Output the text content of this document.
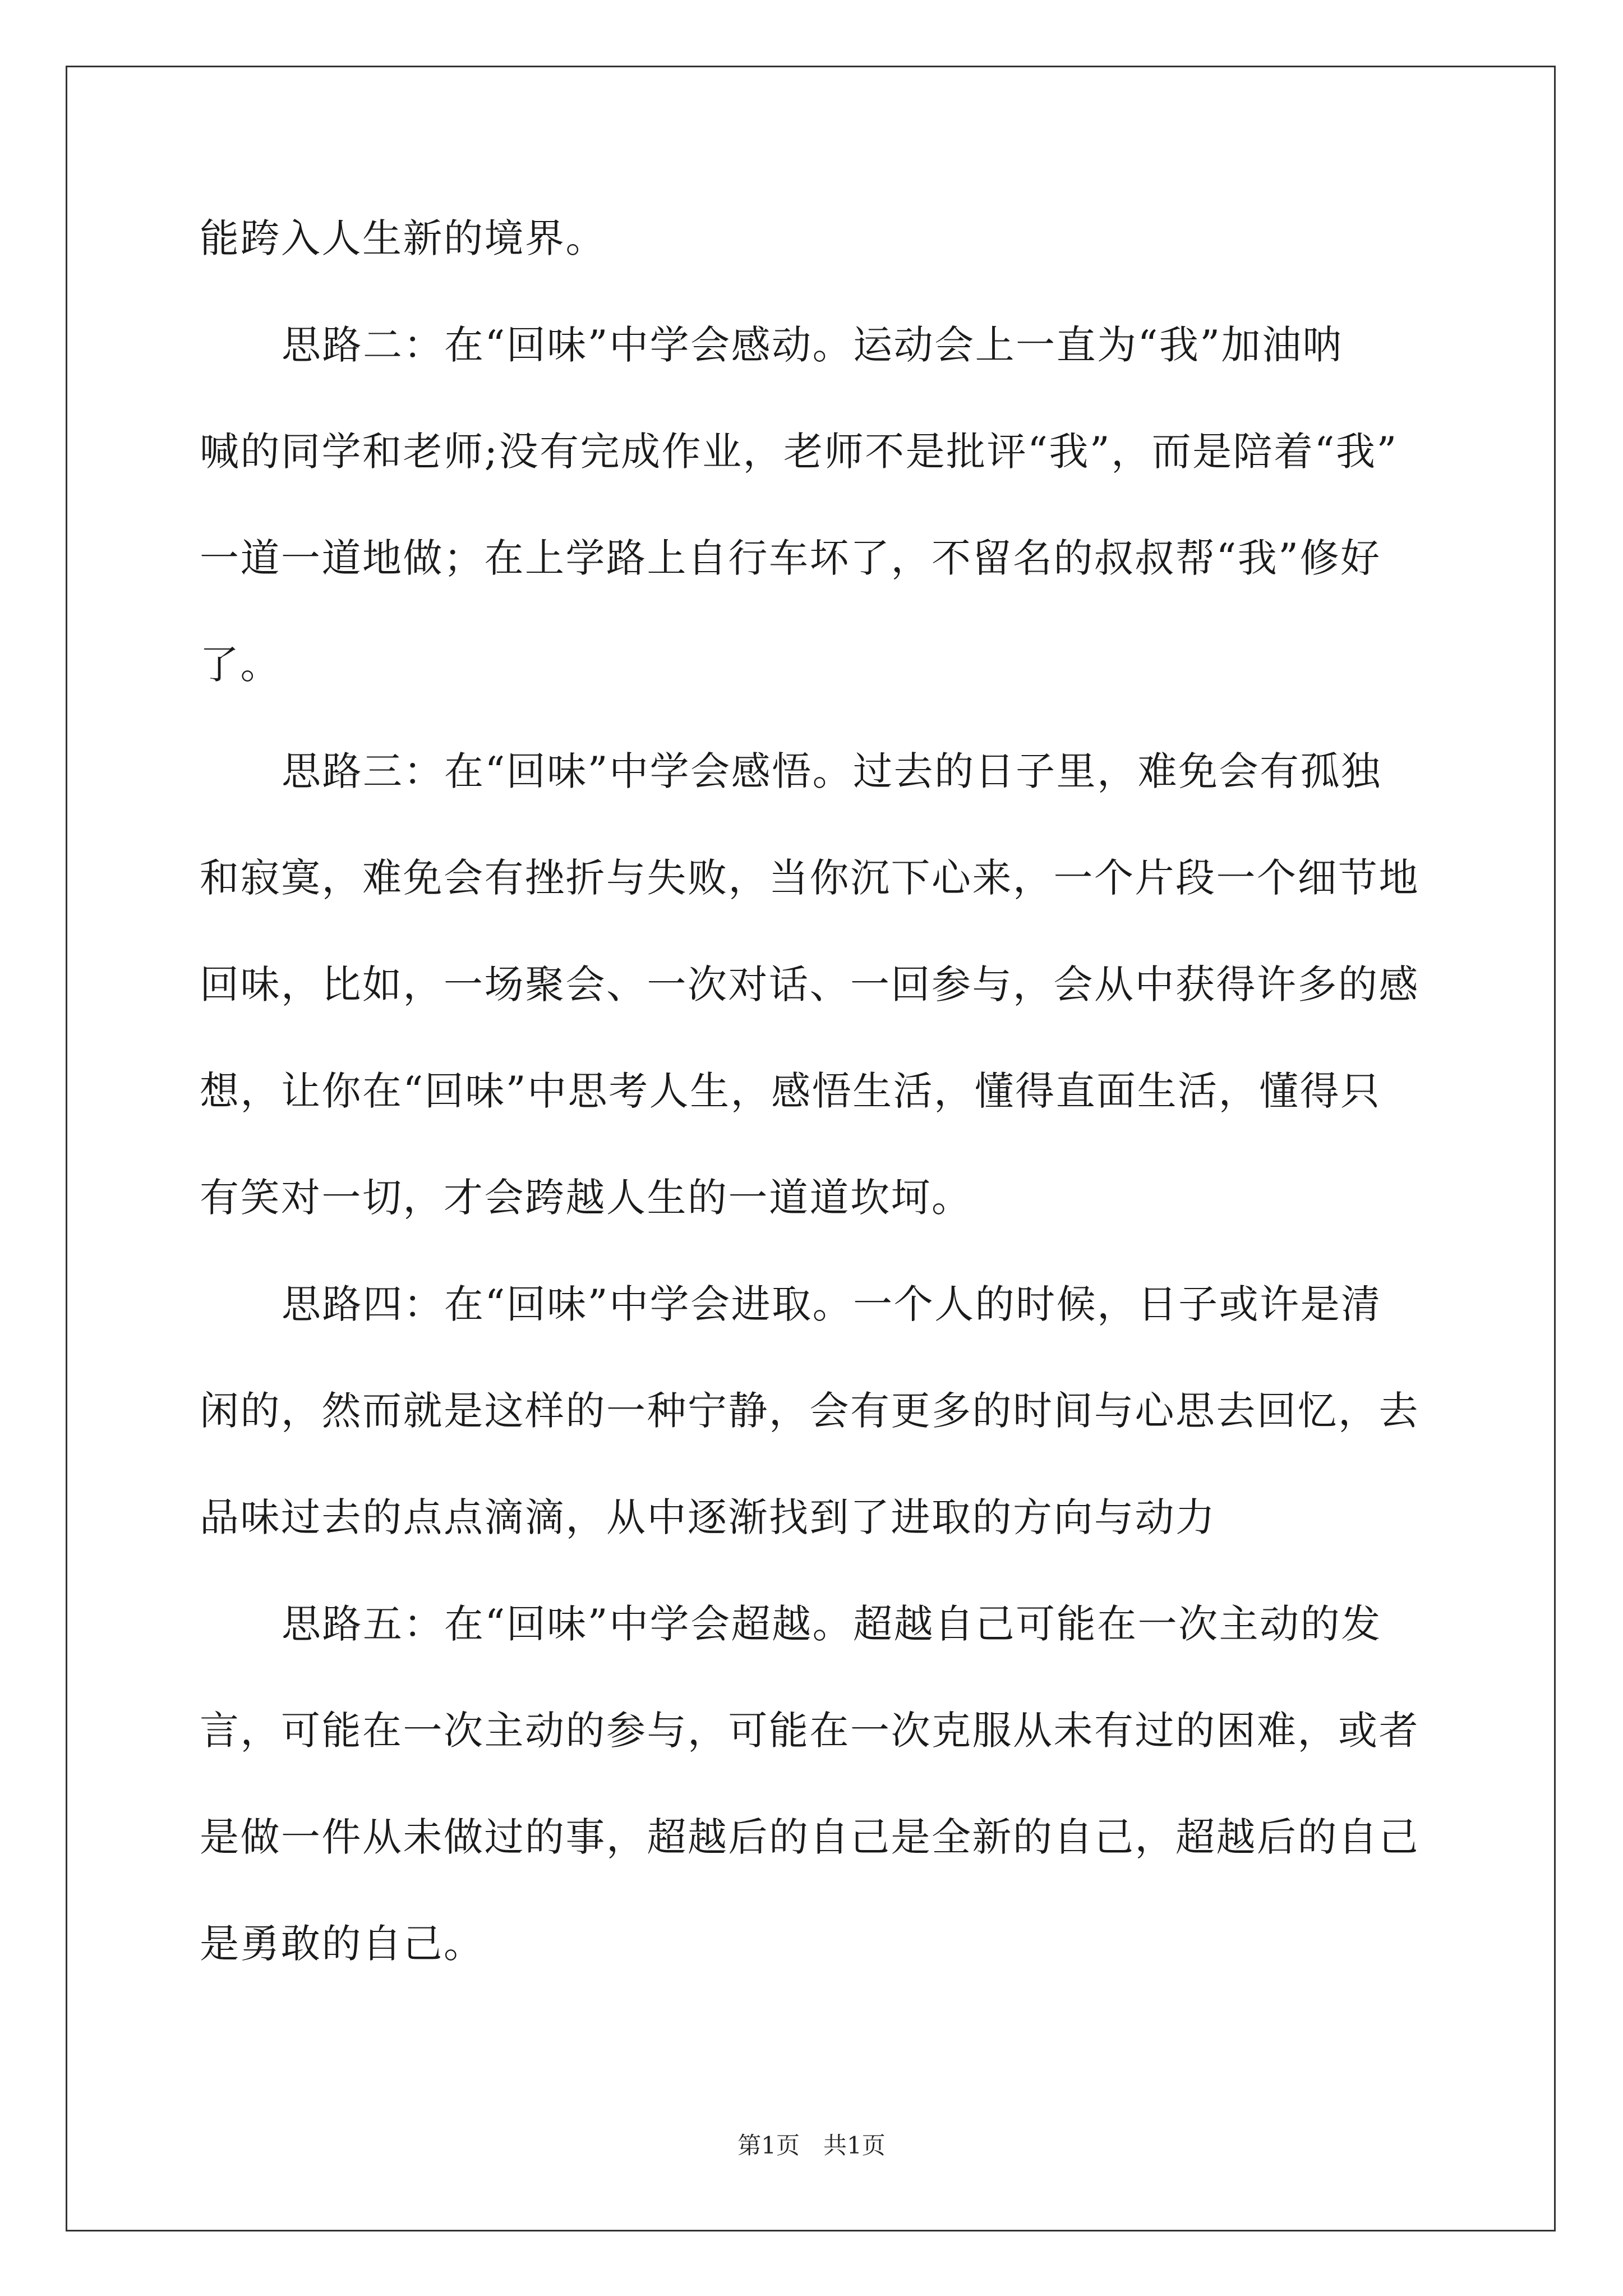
能跨入人生新的境界。
思路二：在“回味”中学会感动。运动会上一直为“我”加油呐
喊的同学和老师;没有完成作业，老师不是批评“我”，而是陪着“我”
一道一道地做；在上学路上自行车坏了，不留名的叔叔帮“我”修好
了。
思路三：在“回味”中学会感悟。过去的日子里，难免会有孤独
和寂寞，难免会有挫折与失败，当你沉下心来，一个片段一个细节地
回味，比如，一场聚会、一次对话、一回参与，会从中获得许多的感
想，让你在“回味”中思考人生，感悟生活，懂得直面生活，懂得只
有笑对一切，才会跨越人生的一道道坎坷。
思路四：在“回味”中学会进取。一个人的时候，日子或许是清
闲的，然而就是这样的一种宁静，会有更多的时间与心思去回忆，去
品味过去的点点滴滴，从中逐渐找到了进取的方向与动力
思路五：在“回味”中学会超越。超越自己可能在一次主动的发
言，可能在一次主动的参与，可能在一次克服从未有过的困难，或者
是做一件从未做过的事，超越后的自己是全新的自己，超越后的自己
是勇敢的自己。
第1页 共1页
